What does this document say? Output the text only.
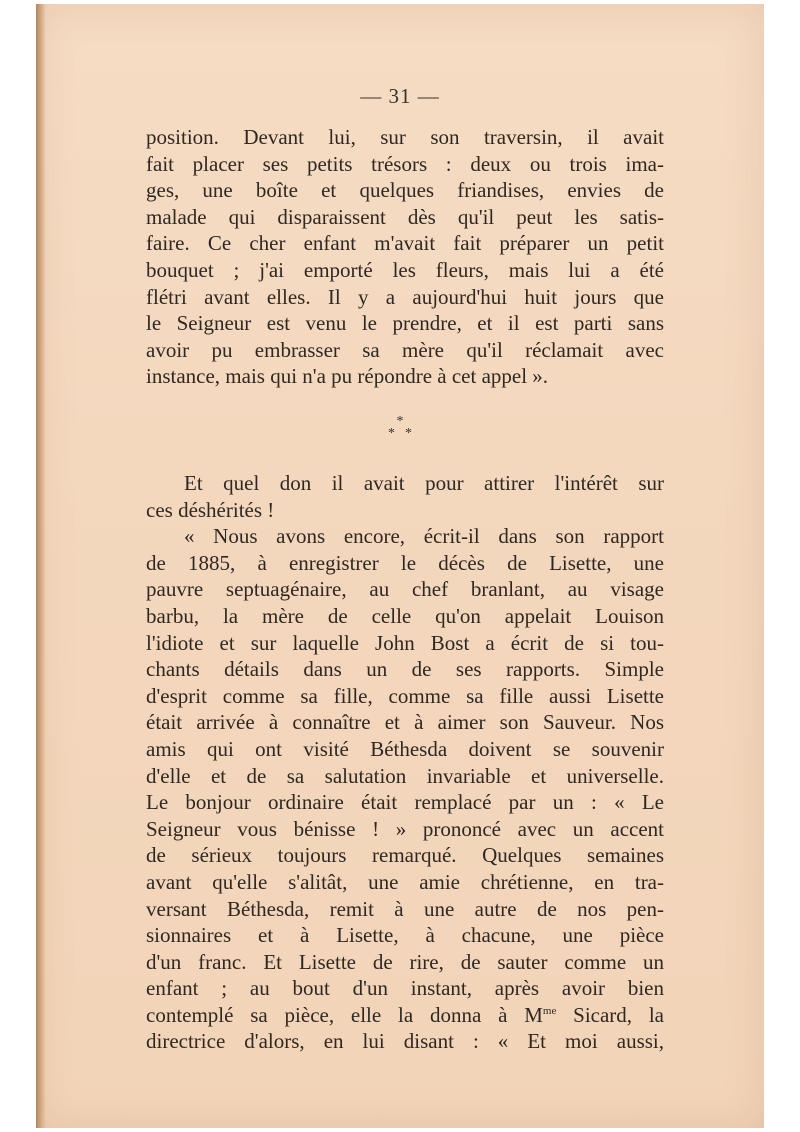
— 31 —
position. Devant lui, sur son traversin, il avait
fait placer ses petits trésors : deux ou trois ima-
ges, une boîte et quelques friandises, envies de
malade qui disparaissent dès qu'il peut les satis-
faire. Ce cher enfant m'avait fait préparer un petit
bouquet ; j'ai emporté les fleurs, mais lui a été
flétri avant elles. Il y a aujourd'hui huit jours que
le Seigneur est venu le prendre, et il est parti sans
avoir pu embrasser sa mère qu'il réclamait avec
instance, mais qui n'a pu répondre à cet appel ».
*
**
Et quel don il avait pour attirer l'intérêt sur
ces déshérités !
« Nous avons encore, écrit-il dans son rapport
de 1885, à enregistrer le décès de Lisette, une
pauvre septuagénaire, au chef branlant, au visage
barbu, la mère de celle qu'on appelait Louison
l'idiote et sur laquelle John Bost a écrit de si tou-
chants détails dans un de ses rapports. Simple
d'esprit comme sa fille, comme sa fille aussi Lisette
était arrivée à connaître et à aimer son Sauveur. Nos
amis qui ont visité Béthesda doivent se souvenir
d'elle et de sa salutation invariable et universelle.
Le bonjour ordinaire était remplacé par un : « Le
Seigneur vous bénisse ! » prononcé avec un accent
de sérieux toujours remarqué. Quelques semaines
avant qu'elle s'alitât, une amie chrétienne, en tra-
versant Béthesda, remit à une autre de nos pen-
sionnaires et à Lisette, à chacune, une pièce
d'un franc. Et Lisette de rire, de sauter comme un
enfant ; au bout d'un instant, après avoir bien
contemplé sa pièce, elle la donna à $M^{me}$ Sicard, la
directrice d'alors, en lui disant : « Et moi aussi,
